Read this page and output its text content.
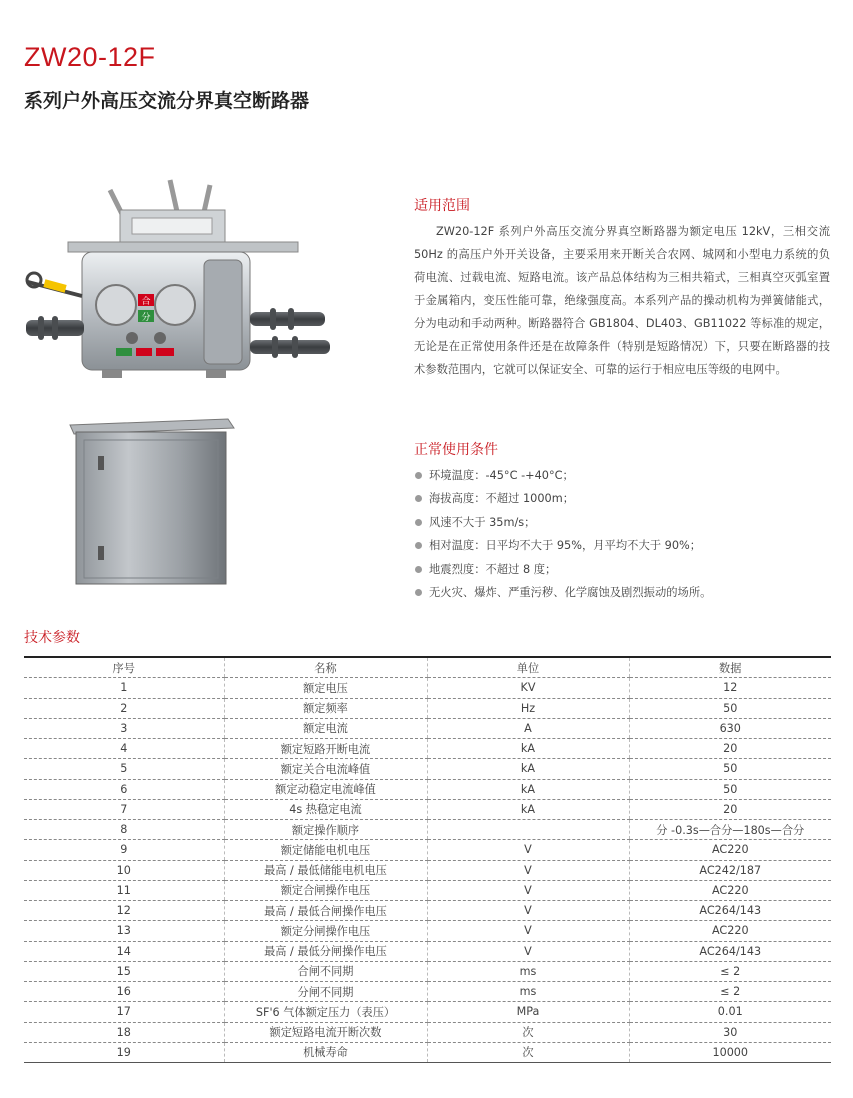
ZW20-12F
系列户外高压交流分界真空断路器
合
分
适用范围

ZW20-12F 系列户外高压交流分界真空断路器为额定电压 12kV，三相交流 50Hz 的高压户外开关设备，主要采用来开断关合农网、城网和小型电力系统的负荷电流、过载电流、短路电流。该产品总体结构为三相共箱式，三相真空灭弧室置于金属箱内，变压性能可靠，绝缘强度高。本系列产品的操动机构为弹簧储能式，分为电动和手动两种。断路器符合 GB1804、DL403、GB11022 等标准的规定，无论是在正常使用条件还是在故障条件（特别是短路情况）下，只要在断路器的技术参数范围内，它就可以保证安全、可靠的运行于相应电压等级的电网中。

正常使用条件
环境温度：-45°C -+40°C；
海拔高度：不超过 1000m；
风速不大于 35m/s；
相对温度：日平均不大于 95%，月平均不大于 90%；
地震烈度：不超过 8 度；
无火灾、爆炸、严重污秽、化学腐蚀及剧烈振动的场所。
技术参数
序号	名称	单位	数据
1	额定电压	KV	12
2	额定频率	Hz	50
3	额定电流	A	630
4	额定短路开断电流	kA	20
5	额定关合电流峰值	kA	50
6	额定动稳定电流峰值	kA	50
7	4s 热稳定电流	kA	20
8	额定操作顺序		分 -0.3s—合分—180s—合分
9	额定储能电机电压	V	AC220
10	最高 / 最低储能电机电压	V	AC242/187
11	额定合闸操作电压	V	AC220
12	最高 / 最低合闸操作电压	V	AC264/143
13	额定分闸操作电压	V	AC220
14	最高 / 最低分闸操作电压	V	AC264/143
15	合闸不同期	ms	≤ 2
16	分闸不同期	ms	≤ 2
17	SF'6 气体额定压力（表压）	MPa	0.01
18	额定短路电流开断次数	次	30
19	机械寿命	次	10000
